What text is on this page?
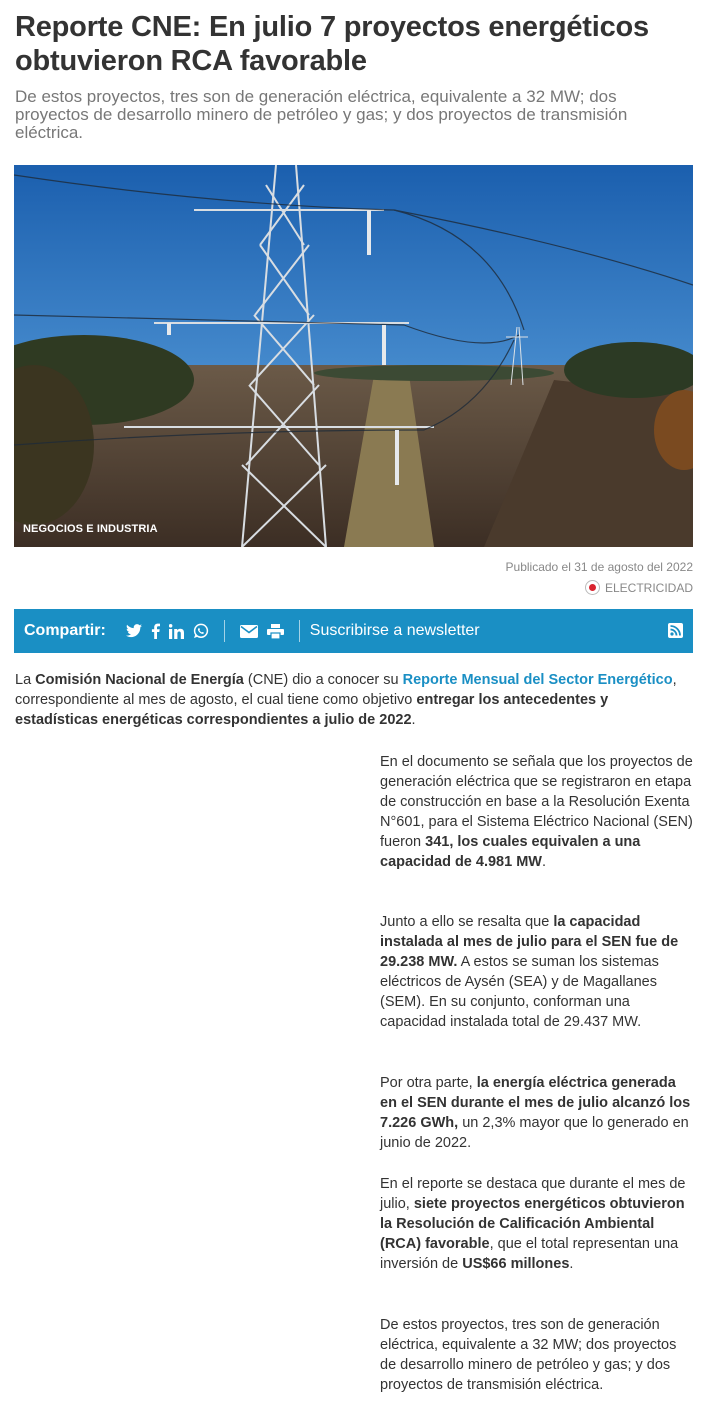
Reporte CNE: En julio 7 proyectos energéticos obtuvieron RCA favorable

De estos proyectos, tres son de generación eléctrica, equivalente a 32 MW; dos proyectos de desarrollo minero de petróleo y gas; y dos proyectos de transmisión eléctrica.

NEGOCIOS E INDUSTRIA
Publicado el 31 de agosto del 2022
ELECTRICIDAD
Compartir:	Suscribirse a newsletter

La Comisión Nacional de Energía (CNE) dio a conocer su Reporte Mensual del Sector Energético, correspondiente al mes de agosto, el cual tiene como objetivo entregar los antecedentes y estadísticas energéticas correspondientes a julio de 2022.

En el documento se señala que los proyectos de generación eléctrica que se registraron en etapa de construcción en base a la Resolución Exenta N°601, para el Sistema Eléctrico Nacional (SEN) fueron 341, los cuales equivalen a una capacidad de 4.981 MW.

Junto a ello se resalta que la capacidad instalada al mes de julio para el SEN fue de 29.238 MW. A estos se suman los sistemas eléctricos de Aysén (SEA) y de Magallanes (SEM). En su conjunto, conforman una capacidad instalada total de 29.437 MW.

Por otra parte, la energía eléctrica generada en el SEN durante el mes de julio alcanzó los 7.226 GWh, un 2,3% mayor que lo generado en junio de 2022.

En el reporte se destaca que durante el mes de julio, siete proyectos energéticos obtuvieron la Resolución de Calificación Ambiental (RCA) favorable, que el total representan una inversión de US$66 millones.

De estos proyectos, tres son de generación eléctrica, equivalente a 32 MW; dos proyectos de desarrollo minero de petróleo y gas; y dos proyectos de transmisión eléctrica.
